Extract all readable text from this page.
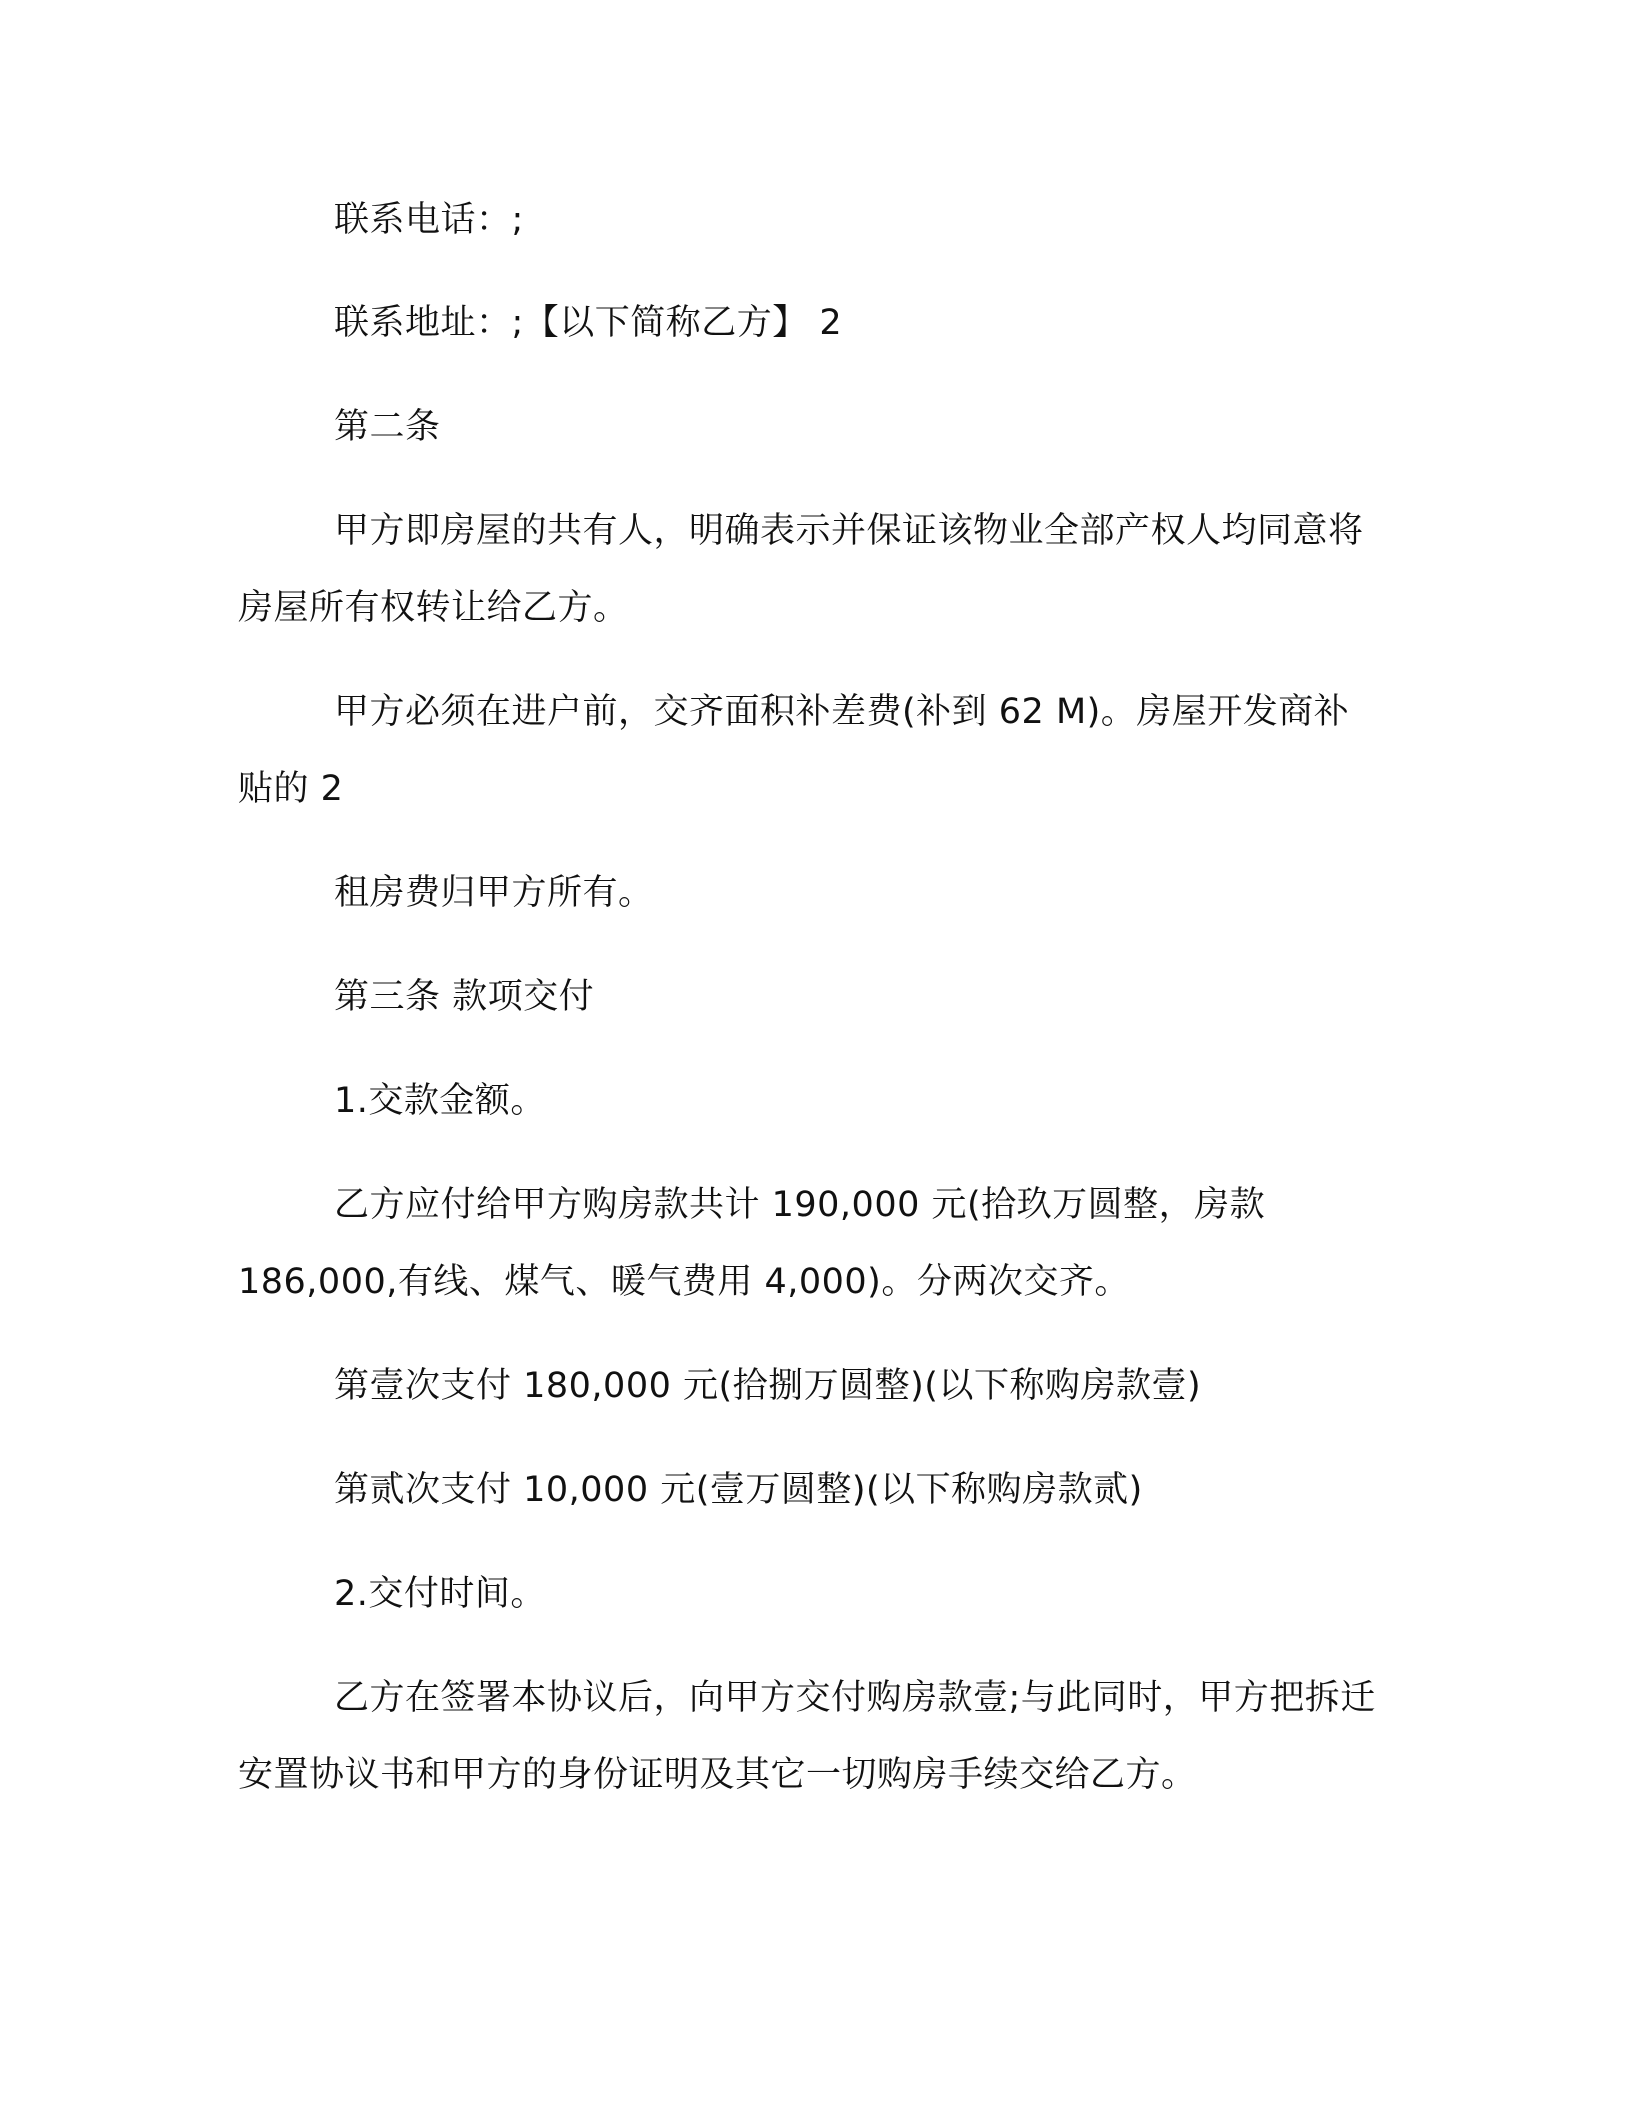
联系电话：;

联系地址：;【以下简称乙方】 2

第二条

甲方即房屋的共有人，明确表示并保证该物业全部产权人均同意将房屋所有权转让给乙方。

甲方必须在进户前，交齐面积补差费(补到 62 M)。房屋开发商补贴的 2

租房费归甲方所有。

第三条 款项交付

1.交款金额。

乙方应付给甲方购房款共计 190,000 元(拾玖万圆整，房款 186,000,有线、煤气、暖气费用 4,000)。分两次交齐。

第壹次支付 180,000 元(拾捌万圆整)(以下称购房款壹)

第贰次支付 10,000 元(壹万圆整)(以下称购房款贰)

2.交付时间。

乙方在签署本协议后，向甲方交付购房款壹;与此同时，甲方把拆迁安置协议书和甲方的身份证明及其它一切购房手续交给乙方。
